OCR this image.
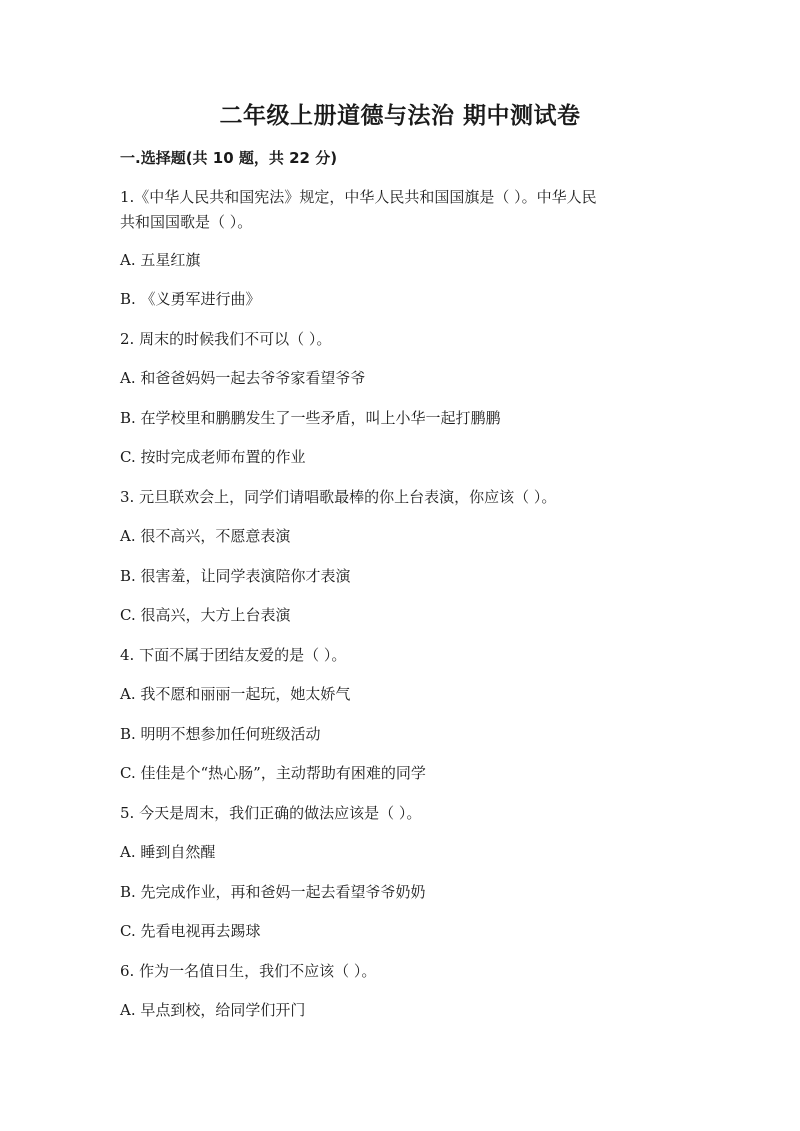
二年级上册道德与法治 期中测试卷
一.选择题(共 10 题，共 22 分)
1.《中华人民共和国宪法》规定，中华人民共和国国旗是（ ）。中华人民
共和国国歌是（ ）。
A. 五星红旗
B. 《义勇军进行曲》
2. 周末的时候我们不可以（ ）。
A. 和爸爸妈妈一起去爷爷家看望爷爷
B. 在学校里和鹏鹏发生了一些矛盾，叫上小华一起打鹏鹏
C. 按时完成老师布置的作业
3. 元旦联欢会上，同学们请唱歌最棒的你上台表演，你应该（ ）。
A. 很不高兴，不愿意表演
B. 很害羞，让同学表演陪你才表演
C. 很高兴，大方上台表演
4. 下面不属于团结友爱的是（ ）。
A. 我不愿和丽丽一起玩，她太娇气
B. 明明不想参加任何班级活动
C. 佳佳是个“热心肠”，主动帮助有困难的同学
5. 今天是周末，我们正确的做法应该是（ ）。
A. 睡到自然醒
B. 先完成作业，再和爸妈一起去看望爷爷奶奶
C. 先看电视再去踢球
6. 作为一名值日生，我们不应该（ ）。
A. 早点到校，给同学们开门
